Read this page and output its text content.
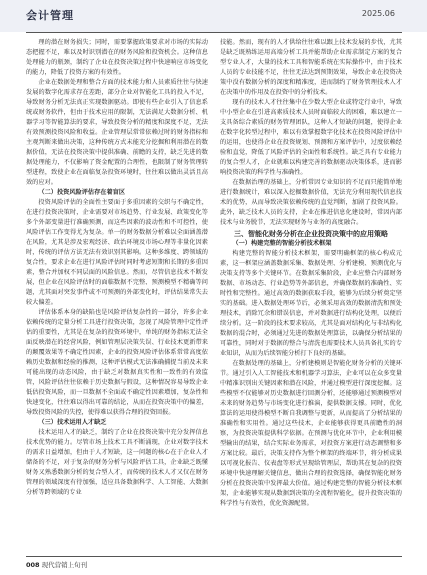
会计管理	2025.06

理的潜在财务损失；同时，需要掌握政策要求对市场的实际动态把握不足，难以及时识别潜在的财务风险和投资机会。这种信息处理能力的瓶颈，制约了企业在投资决策过程中快速响应市场变化的能力，降低了投资方案的有效性。

企业在数据处理和整合方面的技术能力和人员素质往往与快速发展的数字化需求存在差距，部分企业对智能化工具的投入不足，导致财务分析无法真正实现数据驱动。即使有些企业引入了信息系统或财务软件，但由于技术应用的限制，无法满足大数据分析、机器学习等智能算法的要求，导致投资分析的精度和深度不足，无法有效预测投资风险和收益。企业管理层常常依赖过时的财务指标和主观判断来做出决策，这种传统方式未能充分挖掘和利用潜在的数据价值，无法在投资决策中提供准确、前瞻的支持，缺乏先进的数据处理能力，不仅影响了资金配置的合理性，也限制了财务管理转型进程，致使企业在面临复杂投资环境时，往往难以做出灵活且高效的应对。

（二）投资风险评估存在着盲区

投资风险评估的全面性主要面于多重因素的交织与不确定性，在进行投资决策时，企业需要对市场趋势、行业发展、政策变化等多个外部变量进行准确预测，而这些因素的波动性和不可控性，使风险评估工作变得尤为复杂。单一的财务数据分析难以全面涵盖潜在风险，尤其是涉及宏观经济、政治环境及市场心理等非量化因素时，传统的评估方法无法有效识别其影响。这种多维度、跨领域的复合性，要求企业在进行风险评估时同时考虑短期和长期的多重因素，整合并加权不同层面的风险信息。然而，尽管信息技术不断发展，但企业在风险评估时的面临数据不完整、预测模型不精确等问题，尤其面对突发事件或不可预测的外部变化时，评估结果常失去较大偏差。

评估体系本身的缺陷也是风险评估复杂性的一部分，许多企业依赖传统的定量分析工具进行投资决策，忽视了风险管理中定性评估的重要性，尤其是在复杂的投资环境中，单纯的财务指标无法全面反映潜在的经营风险，例如管理层决策失误、行业技术更新带来的颠覆效果等不确定性因素，企业的投资风险评估体系常常高度依赖历史数据和经验的推测，这种评估模式无法准确捕捉当前及未来可能出现的动态风险，由于缺乏对数据真实性和一致性的有效监管，风险评估往往依赖于历史数据与假设，这种情况容易导致企业低估投资风险，而一旦数据不全面或不确定性因素增加，复杂性和快速变化，往往难以得出可靠的结论，从而在投资决策中的偏差，导致投资风险的失控，使得难以获得合理的投资回报。

（三）技术运用人才缺乏

技术运用人才的缺乏，制约了企业在投资决策中充分发挥信息技术优势的能力。尽管市场上技术工具不断涌现，企业对数字技术的需求日益增加，但由于人才短缺，这一问题的核心在于企业人才储备的不足，对于复杂的财务分析与风险评估工具，企业缺乏既懂财务又熟悉数据分析的复合型人才，而传统的技术人才又仅在财务管理的领域深度有待加强，适应具备数据科学、人工智能、大数据分析等跨领域的专业

技能。然而，现有的人才供给往往难以跟上技术发展的步伐，尤其是缺乏既熟练运用高端分析工具并能帮助企业需求制定方案的复合型专业人才，大量的技术工具和智能系统在实际操作中，由于技术人员的专业技能不足，往往无法达到预期效果，导致企业在投资决策中没有数据分析的深度和精准度，进而制约了财务管理技术人才在决策中的作用及在投资中的分析技术。

现有的技术人才往往集中在少数大型企业或特定行业中，导致中小型企业在引进高素质技术人员时面临较大的困难，难以建立一支具备综合素质的财务管理团队，这种人才短缺的问题，使得企业在数字化转型过程中，难以有效掌握数字化技术在投资风险评估中的运用，也使得企业在投资规划、预测和方案评估中，过度依赖经验和直觉，降低了风险评估的全面性和系统性。缺乏具有专业能力的复合型人才，企业就难以构建完善的数据驱动决策体系，进而影响投资决策的科学性与准确性。

在数据治理的基础上，分析常因专业知识的不足而只能简单地进行数据统计，难以深入挖掘数据价值，无法充分利用现代信息技术的优势，从而导致决策依赖传统的直觉判断，加剧了投资风险。此外，缺乏技术人员的支持，企业在推进信息化建设时，常因内部技术与业务脱节，无法实现财务与业务的高度融合。

三、智能化财务分析在企业投资决策中的应用策略

（一）构建完整的智能分析技术框架

构建完整的智能分析技术框架，需要明确框架的核心构成元素，这一框架应涵盖数据采集、数据处理、分析建模、预测优化与决策支持等多个关键环节。在数据采集阶段，企业应整合内部财务数据、市场动态、行业趋势等外部信息，并确保数据的准确性、实时性和完整性。通过高效的数据获取手段，能够为后续分析奠定坚实的基础。进入数据处理环节后，必须采用高效的数据清洗和预处理技术，消除冗余和错误信息，并对数据进行结构化处理，以便后续分析。这一阶段的技术要求较高，尤其是面对结构化与非结构化数据的混合时，必须通过先进的数据处理算法，以确保分析结果的可靠性，同时对于数据的整合与清洗也需要技术人员具备扎实的专业知识，从而为后续智能分析打下良好的基础。

在数据处理的基础上，分析建模则是智能化财务分析的关键环节。通过引入人工智能技术和机器学习算法，企业可以在众多变量中精准识别出关键因素和潜在风险，并通过模型进行深度挖掘。这些模型不仅能够对历史数据进行回测分析，还能够通过预测模型对未来的财务趋势与市场变化进行推演，提供数据支撑。同时，优化算法的运用使得模型不断自我调整与更新，从而提高了分析结果的准确性和实用性。通过这些技术，企业能够获得更具前瞻性的洞察，为投资决策提供科学依据。在预测与优化环节中，企业利用模型输出的结果，结合实际业务需求，对投资方案进行动态调整和多方案比较。最后，决策支持作为整个框架的终端环节，将分析成果以可视化报告、仪表盘等形式呈现给管理层，帮助其在复杂的投资环境中快速理解关键信息，做出合理的投资选择，确保智能化财务分析在投资决策中发挥最大价值。通过构建完整的智能分析技术框架，企业能够实现从数据到决策的全流程智能化，提升投资决策的科学性与有效性，优化资源配置。

008 现代营销上旬刊
